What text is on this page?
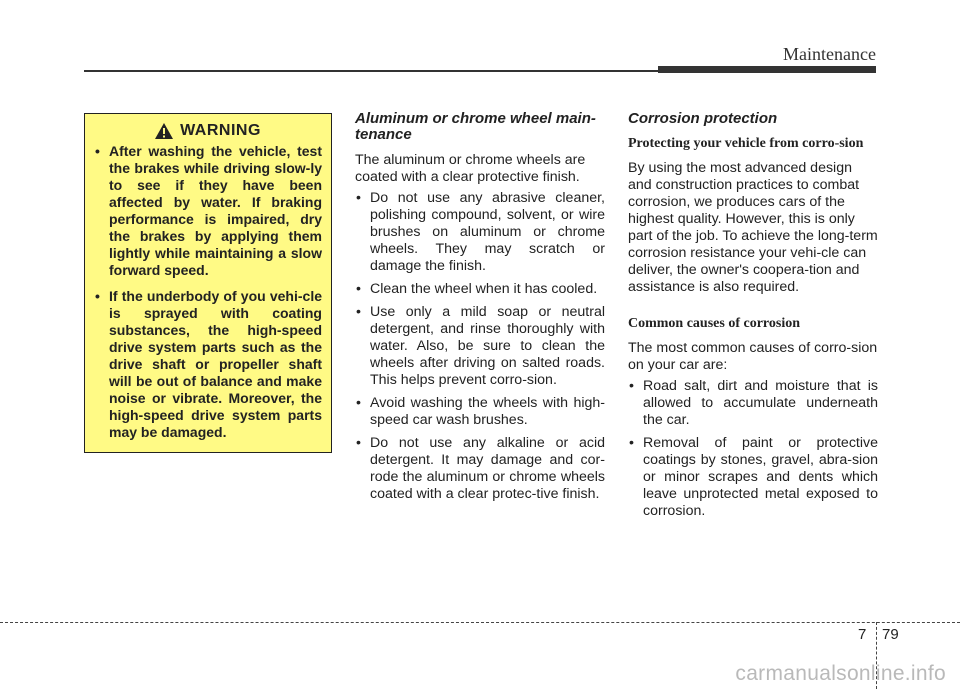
Maintenance
WARNING
• After washing the vehicle, test the brakes while driving slow-ly to see if they have been affected by water. If braking performance is impaired, dry the brakes by applying them lightly while maintaining a slow forward speed.
• If the underbody of you vehi-cle is sprayed with coating substances, the high-speed drive system parts such as the drive shaft or propeller shaft will be out of balance and make noise or vibrate. Moreover, the high-speed drive system parts may be damaged.
Aluminum or chrome wheel main-tenance
The aluminum or chrome wheels are coated with a clear protective finish.
• Do not use any abrasive cleaner, polishing compound, solvent, or wire brushes on aluminum or chrome wheels. They may scratch or damage the finish.
• Clean the wheel when it has cooled.
• Use only a mild soap or neutral detergent, and rinse thoroughly with water. Also, be sure to clean the wheels after driving on salted roads. This helps prevent corro-sion.
• Avoid washing the wheels with high-speed car wash brushes.
• Do not use any alkaline or acid detergent. It may damage and cor-rode the aluminum or chrome wheels coated with a clear protec-tive finish.
Corrosion protection
Protecting your vehicle from corro-sion
By using the most advanced design and construction practices to combat corrosion, we produces cars of the highest quality. However, this is only part of the job. To achieve the long-term corrosion resistance your vehi-cle can deliver, the owner's coopera-tion and assistance is also required.
Common causes of corrosion
The most common causes of corro-sion on your car are:
• Road salt, dirt and moisture that is allowed to accumulate underneath the car.
• Removal of paint or protective coatings by stones, gravel, abra-sion or minor scrapes and dents which leave unprotected metal exposed to corrosion.
7 79
carmanualsonline.info
